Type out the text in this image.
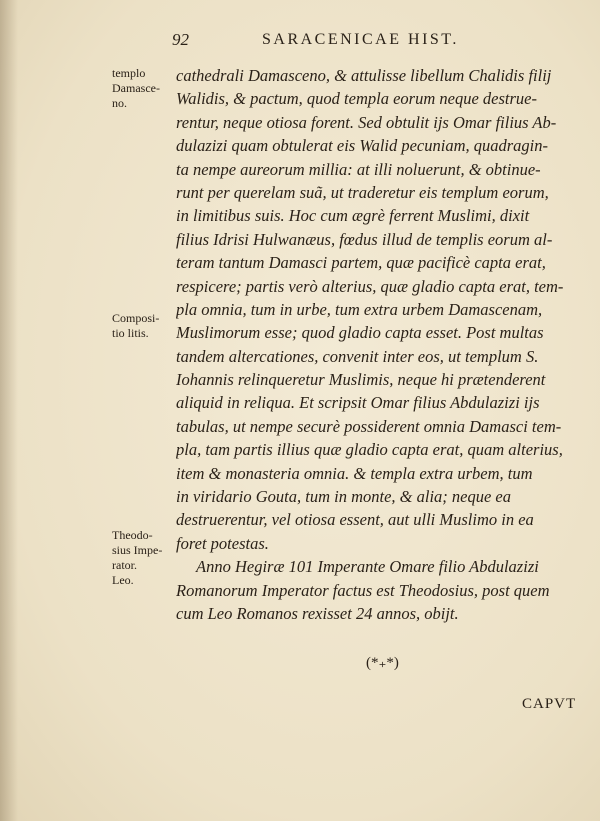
92	SARACENICAE HIST.
templo
Damasce-
no.
Composi-
tio litis.
Theodo-
sius Impe-
rator.
Leo.
cathedrali Damasceno, & attulisse libellum Chalidis filij
Walidis, & pactum, quod templa eorum neque destrue-
rentur, neque otiosa forent. Sed obtulit ijs Omar filius Ab-
dulazizi quam obtulerat eis Walid pecuniam, quadragin-
ta nempe aureorum millia: at illi noluerunt, & obtinue-
runt per querelam suã, ut traderetur eis templum eorum,
in limitibus suis. Hoc cum ægrè ferrent Muslimi, dixit
filius Idrisi Hulwanæus, fœdus illud de templis eorum al-
teram tantum Damasci partem, quæ pacificè capta erat,
respicere; partis verò alterius, quæ gladio capta erat, tem-
pla omnia, tum in urbe, tum extra urbem Damascenam,
Muslimorum esse; quod gladio capta esset. Post multas
tandem altercationes, convenit inter eos, ut templum S.
Iohannis relinqueretur Muslimis, neque hi prætenderent
aliquid in reliqua. Et scripsit Omar filius Abdulazizi ijs
tabulas, ut nempe securè possiderent omnia Damasci tem-
pla, tam partis illius quæ gladio capta erat, quam alterius,
item & monasteria omnia. & templa extra urbem, tum
in viridario Gouta, tum in monte, & alia; neque ea
destruerentur, vel otiosa essent, aut ulli Muslimo in ea
foret potestas.
Anno Hegiræ 101 Imperante Omare filio Abdulazizi
Romanorum Imperator factus est Theodosius, post quem
cum Leo Romanos rexisset 24 annos, obijt.
(*₊*)
CAPVT
